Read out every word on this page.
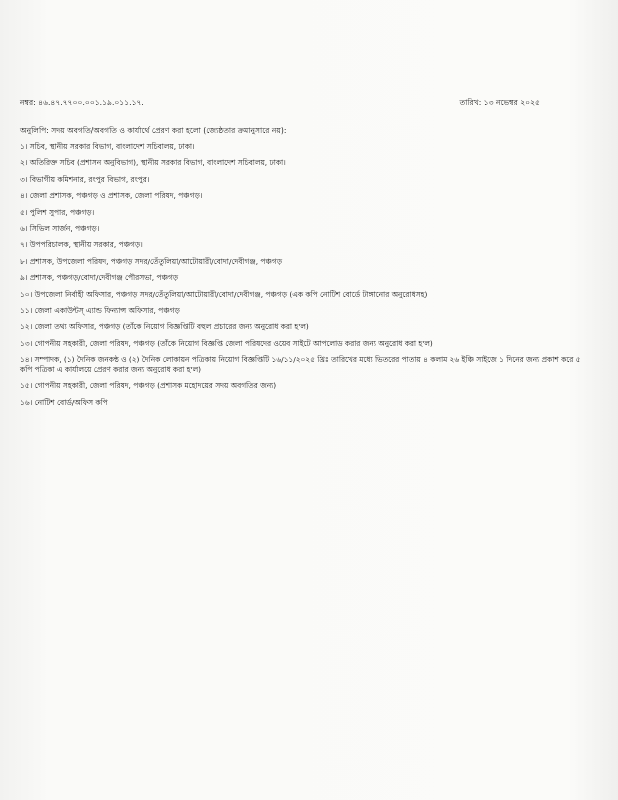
নম্বর: ৪৬.৪৭.৭৭০০.০০১.১৯.০১১.১৭.	তারিখ: ১৩ নভেম্বর ২০২৫
অনুলিপি: সদয় অবগতি/অবগতি ও কার্যার্থে প্রেরণ করা হলো (জ্যেষ্ঠতার ক্রমানুসারে নয়):
১। সচিব, স্থানীয় সরকার বিভাগ, বাংলাদেশ সচিবালয়, ঢাকা।
২। অতিরিক্ত সচিব (প্রশাসন অনুবিভাগ), স্থানীয় সরকার বিভাগ, বাংলাদেশ সচিবালয়, ঢাকা।
৩। বিভাগীয় কমিশনার, রংপুর বিভাগ, রংপুর।
৪। জেলা প্রশাসক, পঞ্চগড় ও প্রশাসক, জেলা পরিষদ, পঞ্চগড়।
৫। পুলিশ সুপার, পঞ্চগড়।
৬। সিভিল সার্জন, পঞ্চগড়।
৭। উপপরিচালক, স্থানীয় সরকার, পঞ্চগড়।
৮। প্রশাসক, উপজেলা পরিষদ, পঞ্চগড় সদর/তেঁতুলিয়া/আটোয়ারী/বোদা/দেবীগঞ্জ, পঞ্চগড়
৯। প্রশাসক, পঞ্চগড়/বোদা/দেবীগঞ্জ পৌরসভা, পঞ্চগড়
১০। উপজেলা নির্বাহী অফিসার, পঞ্চগড় সদর/তেঁতুলিয়া/আটোয়ারী/বোদা/দেবীগঞ্জ, পঞ্চগড় (এক কপি নোটিশ বোর্ডে টাঙ্গানোর অনুরোধসহ)
১১। জেলা একাউন্টস্ এ্যান্ড ফিন্যান্স অফিসার, পঞ্চগড়
১২। জেলা তথ্য অফিসার, পঞ্চগড় (তাঁকে নিয়োগ বিজ্ঞপ্তিটি বহুল প্রচারের জন্য অনুরোধ করা হ'ল)
১৩। গোপনীয় সহকারী, জেলা পরিষদ, পঞ্চগড় (তাঁকে নিয়োগ বিজ্ঞপ্তি জেলা পরিষদের ওয়েব সাইটে আপলোড করার জন্য অনুরোধ করা হ'ল)
১৪। সম্পাদক, (১) দৈনিক জনকন্ঠ ও (২) দৈনিক লোকায়ন পত্রিকায় নিয়োগ বিজ্ঞপ্তিটি ১৬/১১/২০২৫ খ্রিঃ তারিখের মধ্যে ভিতরের পাতায় ৪ কলাম ২৬ ইঞ্চি সাইজে ১ দিনের জন্য প্রকাশ করে ৫ কপি পত্রিকা এ কার্যালয়ে প্রেরণ করার জন্য অনুরোধ করা হ'ল)
১৫। গোপনীয় সহকারী, জেলা পরিষদ, পঞ্চগড় (প্রশাসক মহোদয়ের সদয় অবগতির জন্য)
১৬। নোটিশ বোর্ড/অফিস কপি
